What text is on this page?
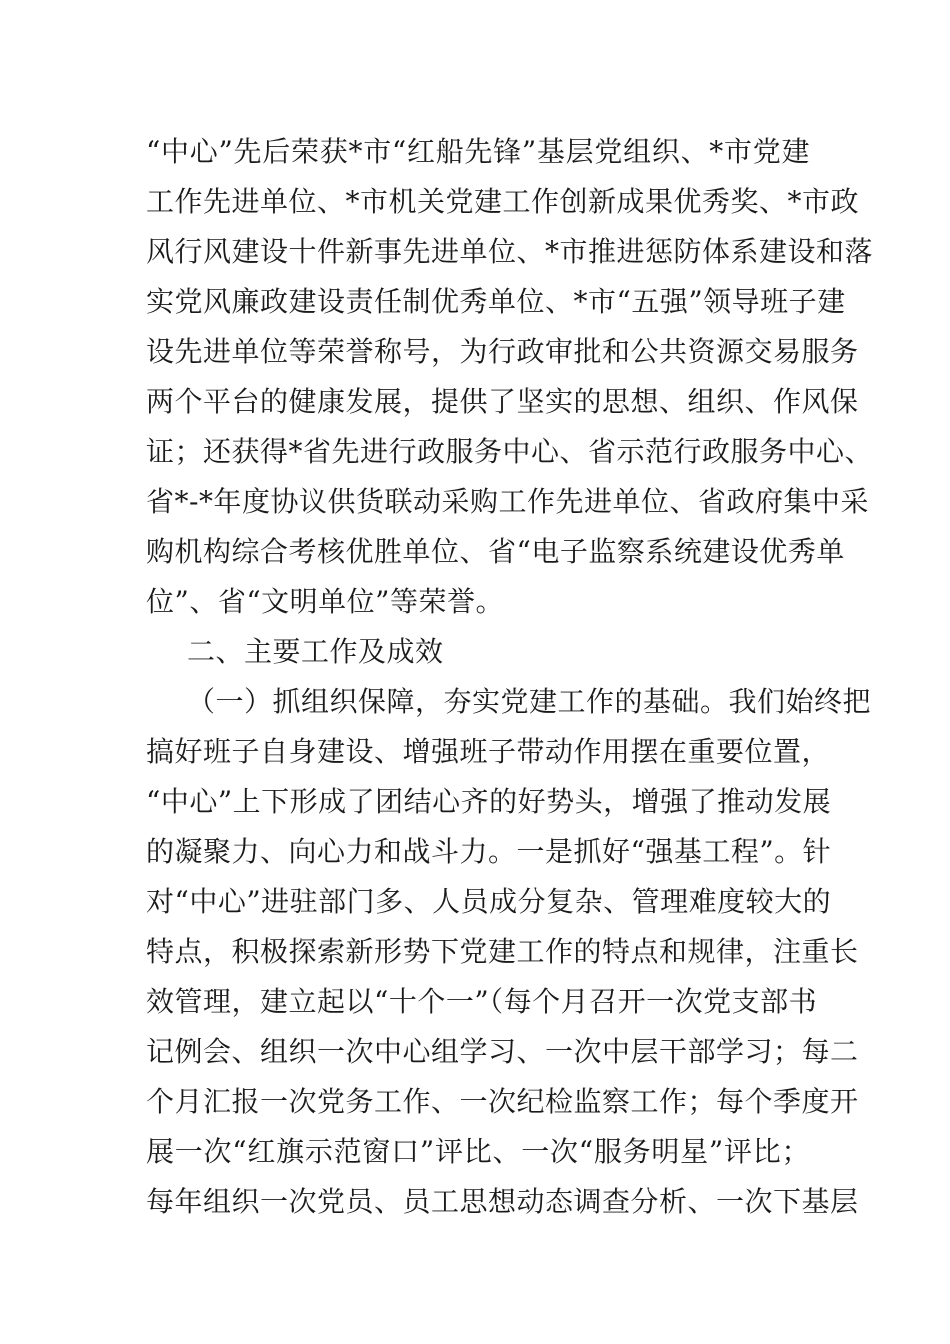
“中心”先后荣获*市“红船先锋”基层党组织、*市党建
工作先进单位、*市机关党建工作创新成果优秀奖、*市政
风行风建设十件新事先进单位、*市推进惩防体系建设和落
实党风廉政建设责任制优秀单位、*市“五强”领导班子建
设先进单位等荣誉称号，为行政审批和公共资源交易服务
两个平台的健康发展，提供了坚实的思想、组织、作风保
证；还获得*省先进行政服务中心、省示范行政服务中心、
省*-*年度协议供货联动采购工作先进单位、省政府集中采
购机构综合考核优胜单位、省“电子监察系统建设优秀单
位”、省“文明单位”等荣誉。
二、主要工作及成效
（一）抓组织保障，夯实党建工作的基础。我们始终把
搞好班子自身建设、增强班子带动作用摆在重要位置，
“中心”上下形成了团结心齐的好势头，增强了推动发展
的凝聚力、向心力和战斗力。一是抓好“强基工程”。针
对“中心”进驻部门多、人员成分复杂、管理难度较大的
特点，积极探索新形势下党建工作的特点和规律，注重长
效管理，建立起以“十个一”（每个月召开一次党支部书
记例会、组织一次中心组学习、一次中层干部学习；每二
个月汇报一次党务工作、一次纪检监察工作；每个季度开
展一次“红旗示范窗口”评比、一次“服务明星”评比；
每年组织一次党员、员工思想动态调查分析、一次下基层
